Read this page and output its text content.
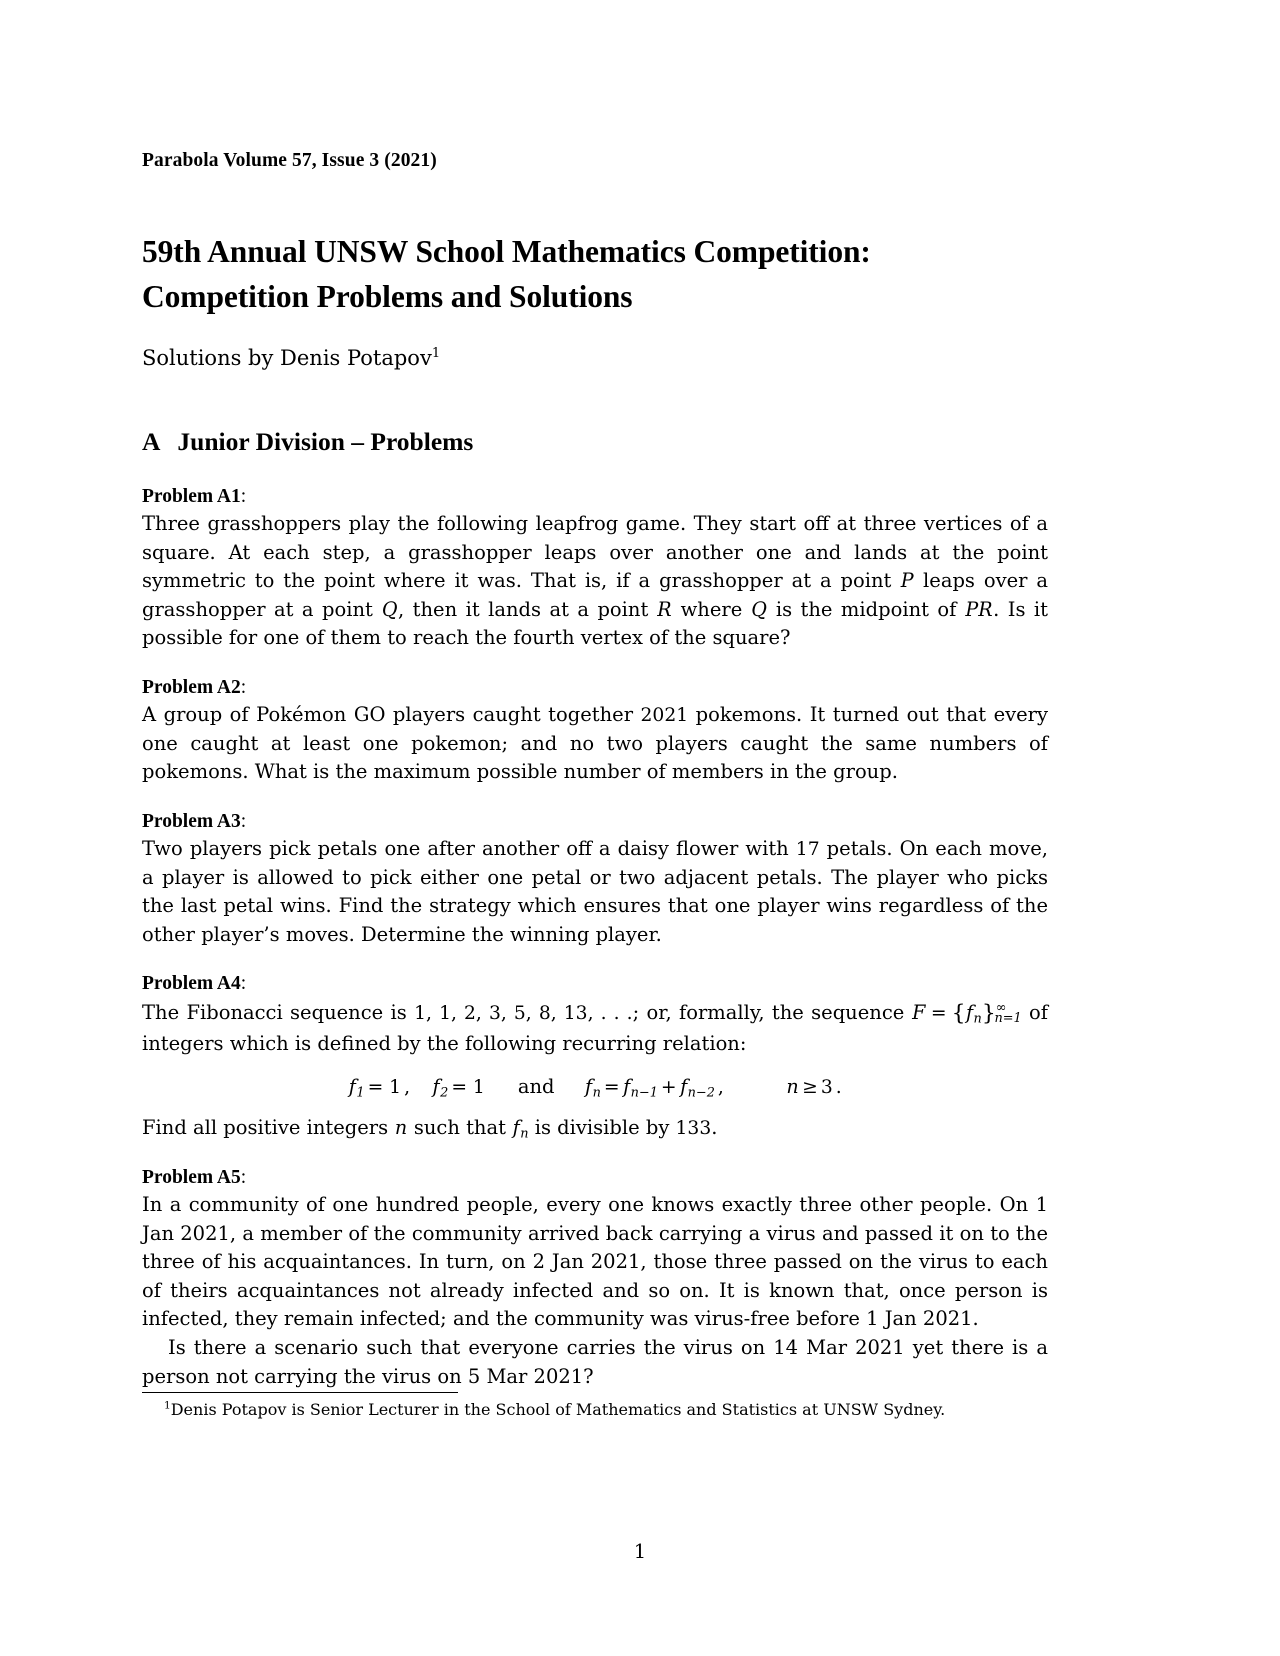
Parabola Volume 57, Issue 3 (2021)
59th Annual UNSW School Mathematics Competition:
Competition Problems and Solutions
Solutions by Denis Potapov$^1$
A Junior Division – Problems
Problem A1:

Three grasshoppers play the following leapfrog game. They start off at three vertices of a square. At each step, a grasshopper leaps over another one and lands at the point symmetric to the point where it was. That is, if a grasshopper at a point P leaps over a grasshopper at a point Q, then it lands at a point R where Q is the midpoint of PR. Is it possible for one of them to reach the fourth vertex of the square?

Problem A2:

A group of Pokémon GO players caught together 2021 pokemons. It turned out that every one caught at least one pokemon; and no two players caught the same numbers of pokemons. What is the maximum possible number of members in the group.

Problem A3:

Two players pick petals one after another off a daisy flower with 17 petals. On each move, a player is allowed to pick either one petal or two adjacent petals. The player who picks the last petal wins. Find the strategy which ensures that one player wins regardless of the other player’s moves. Determine the winning player.

Problem A4:

The Fibonacci sequence is 1, 1, 2, 3, 5, 8, 13, . . .; or, formally, the sequence F = {fn}∞n=1 of integers which is defined by the following recurring relation:

f1 = 1 , f2 = 1 and fn = fn−1 + fn−2 ,	n ≥ 3 .

Find all positive integers n such that fn is divisible by 133.

Problem A5:

In a community of one hundred people, every one knows exactly three other people. On 1 Jan 2021, a member of the community arrived back carrying a virus and passed it on to the three of his acquaintances. In turn, on 2 Jan 2021, those three passed on the virus to each of theirs acquaintances not already infected and so on. It is known that, once person is infected, they remain infected; and the community was virus-free before 1 Jan 2021.

Is there a scenario such that everyone carries the virus on 14 Mar 2021 yet there is a person not carrying the virus on 5 Mar 2021?

$^1$Denis Potapov is Senior Lecturer in the School of Mathematics and Statistics at UNSW Sydney.
1
